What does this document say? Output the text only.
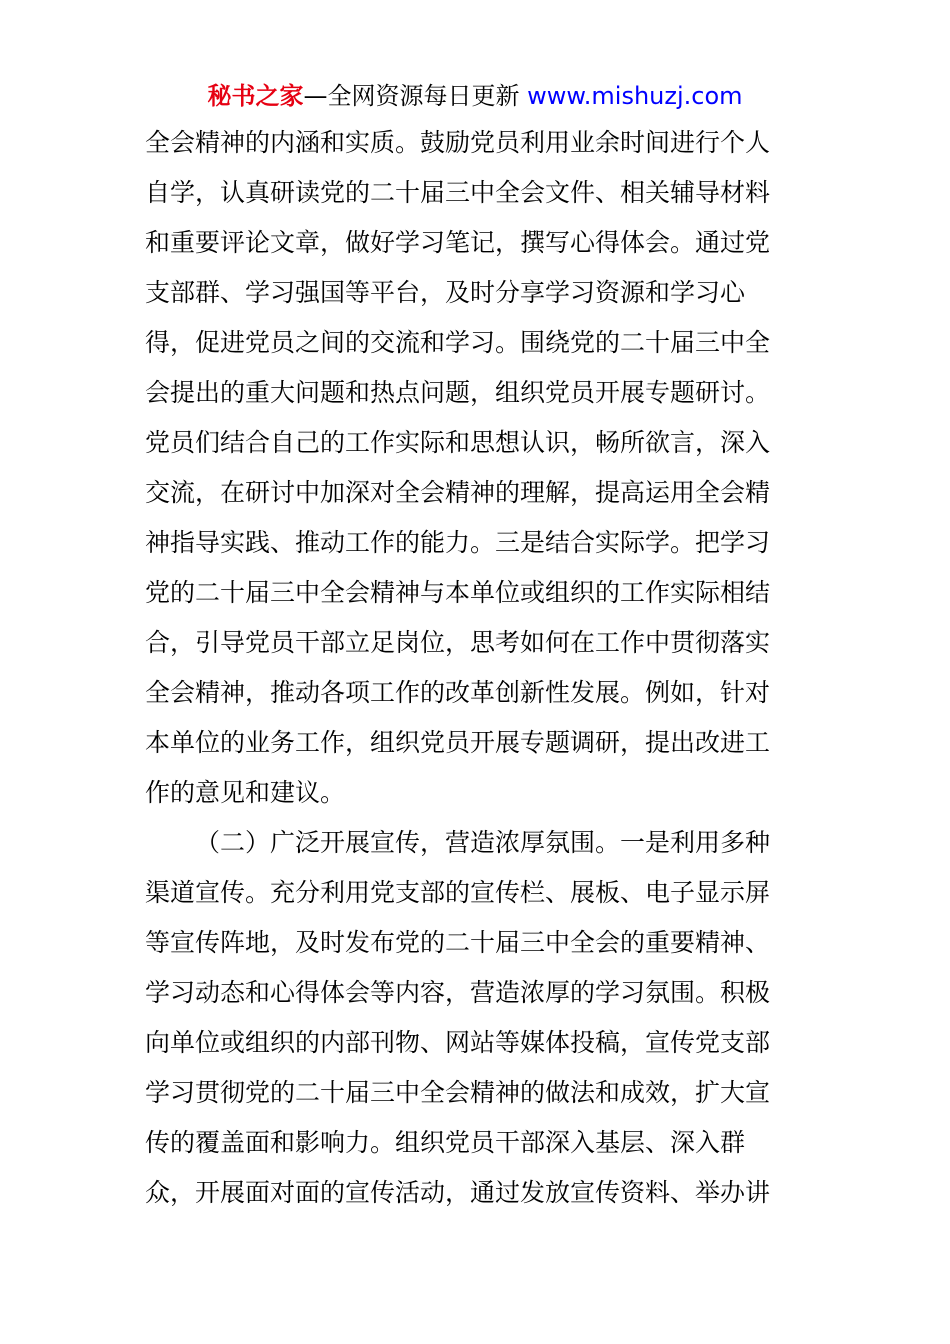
秘书之家—全网资源每日更新 www.mishuzj.com
全会精神的内涵和实质。鼓励党员利用业余时间进行个人
自学，认真研读党的二十届三中全会文件、相关辅导材料
和重要评论文章，做好学习笔记，撰写心得体会。通过党
支部群、学习强国等平台，及时分享学习资源和学习心
得，促进党员之间的交流和学习。围绕党的二十届三中全
会提出的重大问题和热点问题，组织党员开展专题研讨。
党员们结合自己的工作实际和思想认识，畅所欲言，深入
交流，在研讨中加深对全会精神的理解，提高运用全会精
神指导实践、推动工作的能力。三是结合实际学。把学习
党的二十届三中全会精神与本单位或组织的工作实际相结
合，引导党员干部立足岗位，思考如何在工作中贯彻落实
全会精神，推动各项工作的改革创新性发展。例如，针对
本单位的业务工作，组织党员开展专题调研，提出改进工
作的意见和建议。
（二）广泛开展宣传，营造浓厚氛围。一是利用多种
渠道宣传。充分利用党支部的宣传栏、展板、电子显示屏
等宣传阵地，及时发布党的二十届三中全会的重要精神、
学习动态和心得体会等内容，营造浓厚的学习氛围。积极
向单位或组织的内部刊物、网站等媒体投稿，宣传党支部
学习贯彻党的二十届三中全会精神的做法和成效，扩大宣
传的覆盖面和影响力。组织党员干部深入基层、深入群
众，开展面对面的宣传活动，通过发放宣传资料、举办讲
